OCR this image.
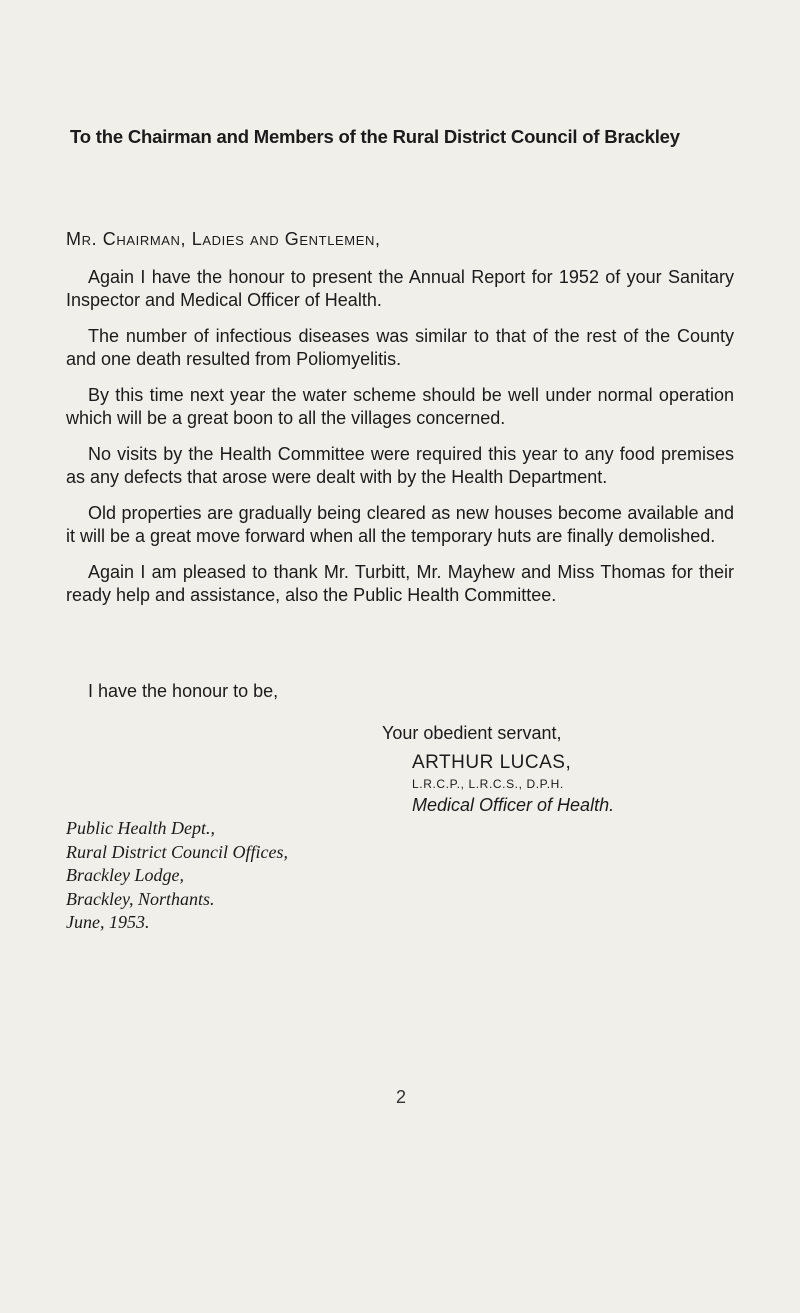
To the Chairman and Members of the Rural District Council of Brackley
Mr. Chairman, Ladies and Gentlemen,

Again I have the honour to present the Annual Report for 1952 of your Sanitary Inspector and Medical Officer of Health.

The number of infectious diseases was similar to that of the rest of the County and one death resulted from Poliomyelitis.

By this time next year the water scheme should be well under normal operation which will be a great boon to all the villages concerned.

No visits by the Health Committee were required this year to any food premises as any defects that arose were dealt with by the Health Department.

Old properties are gradually being cleared as new houses become available and it will be a great move forward when all the temporary huts are finally demolished.

Again I am pleased to thank Mr. Turbitt, Mr. Mayhew and Miss Thomas for their ready help and assistance, also the Public Health Committee.

I have the honour to be,

Your obedient servant,

ARTHUR LUCAS,

L.R.C.P., L.R.C.S., D.P.H.

Medical Officer of Health.

Public Health Dept.,
Rural District Council Offices,
Brackley Lodge,
Brackley, Northants.
June, 1953.
2
